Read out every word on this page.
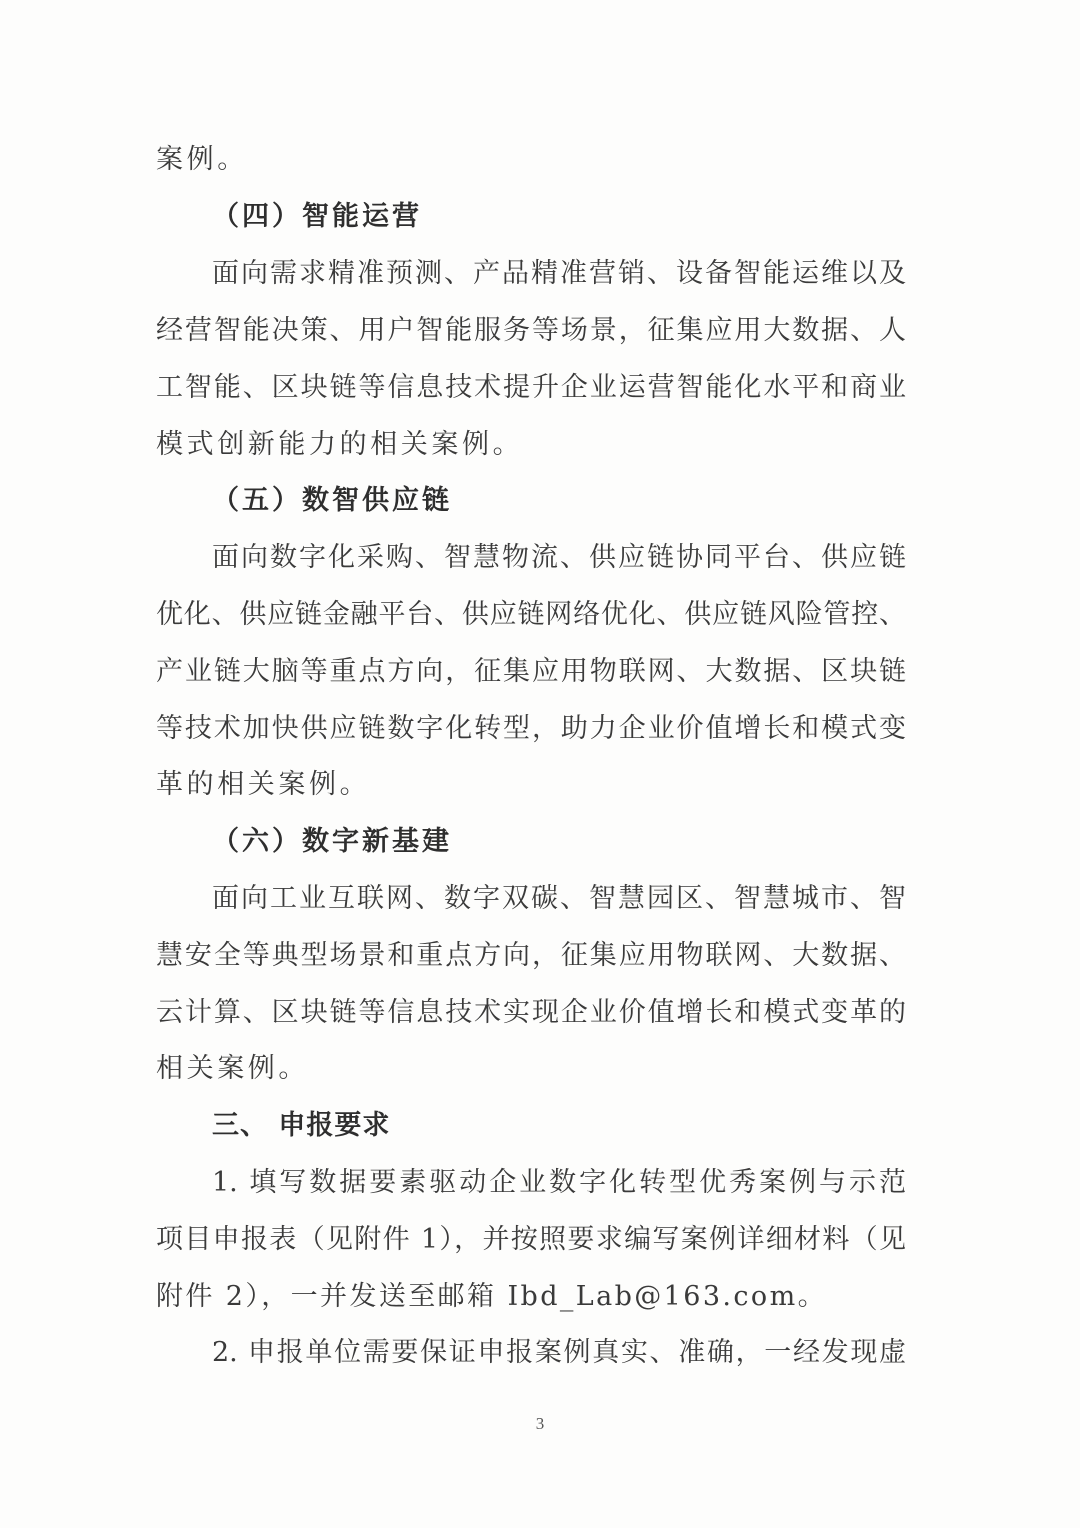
案例。
（四）智能运营
面向需求精准预测、产品精准营销、设备智能运维以及
经营智能决策、用户智能服务等场景，征集应用大数据、人
工智能、区块链等信息技术提升企业运营智能化水平和商业
模式创新能力的相关案例。
（五）数智供应链
面向数字化采购、智慧物流、供应链协同平台、供应链
优化、供应链金融平台、供应链网络优化、供应链风险管控、
产业链大脑等重点方向，征集应用物联网、大数据、区块链
等技术加快供应链数字化转型，助力企业价值增长和模式变
革的相关案例。
（六）数字新基建
面向工业互联网、数字双碳、智慧园区、智慧城市、智
慧安全等典型场景和重点方向，征集应用物联网、大数据、
云计算、区块链等信息技术实现企业价值增长和模式变革的
相关案例。
三、 申报要求
1. 填写数据要素驱动企业数字化转型优秀案例与示范
项目申报表（见附件 1），并按照要求编写案例详细材料（见
附件 2），一并发送至邮箱 Ibd_Lab@163.com。
2. 申报单位需要保证申报案例真实、准确，一经发现虚
3
